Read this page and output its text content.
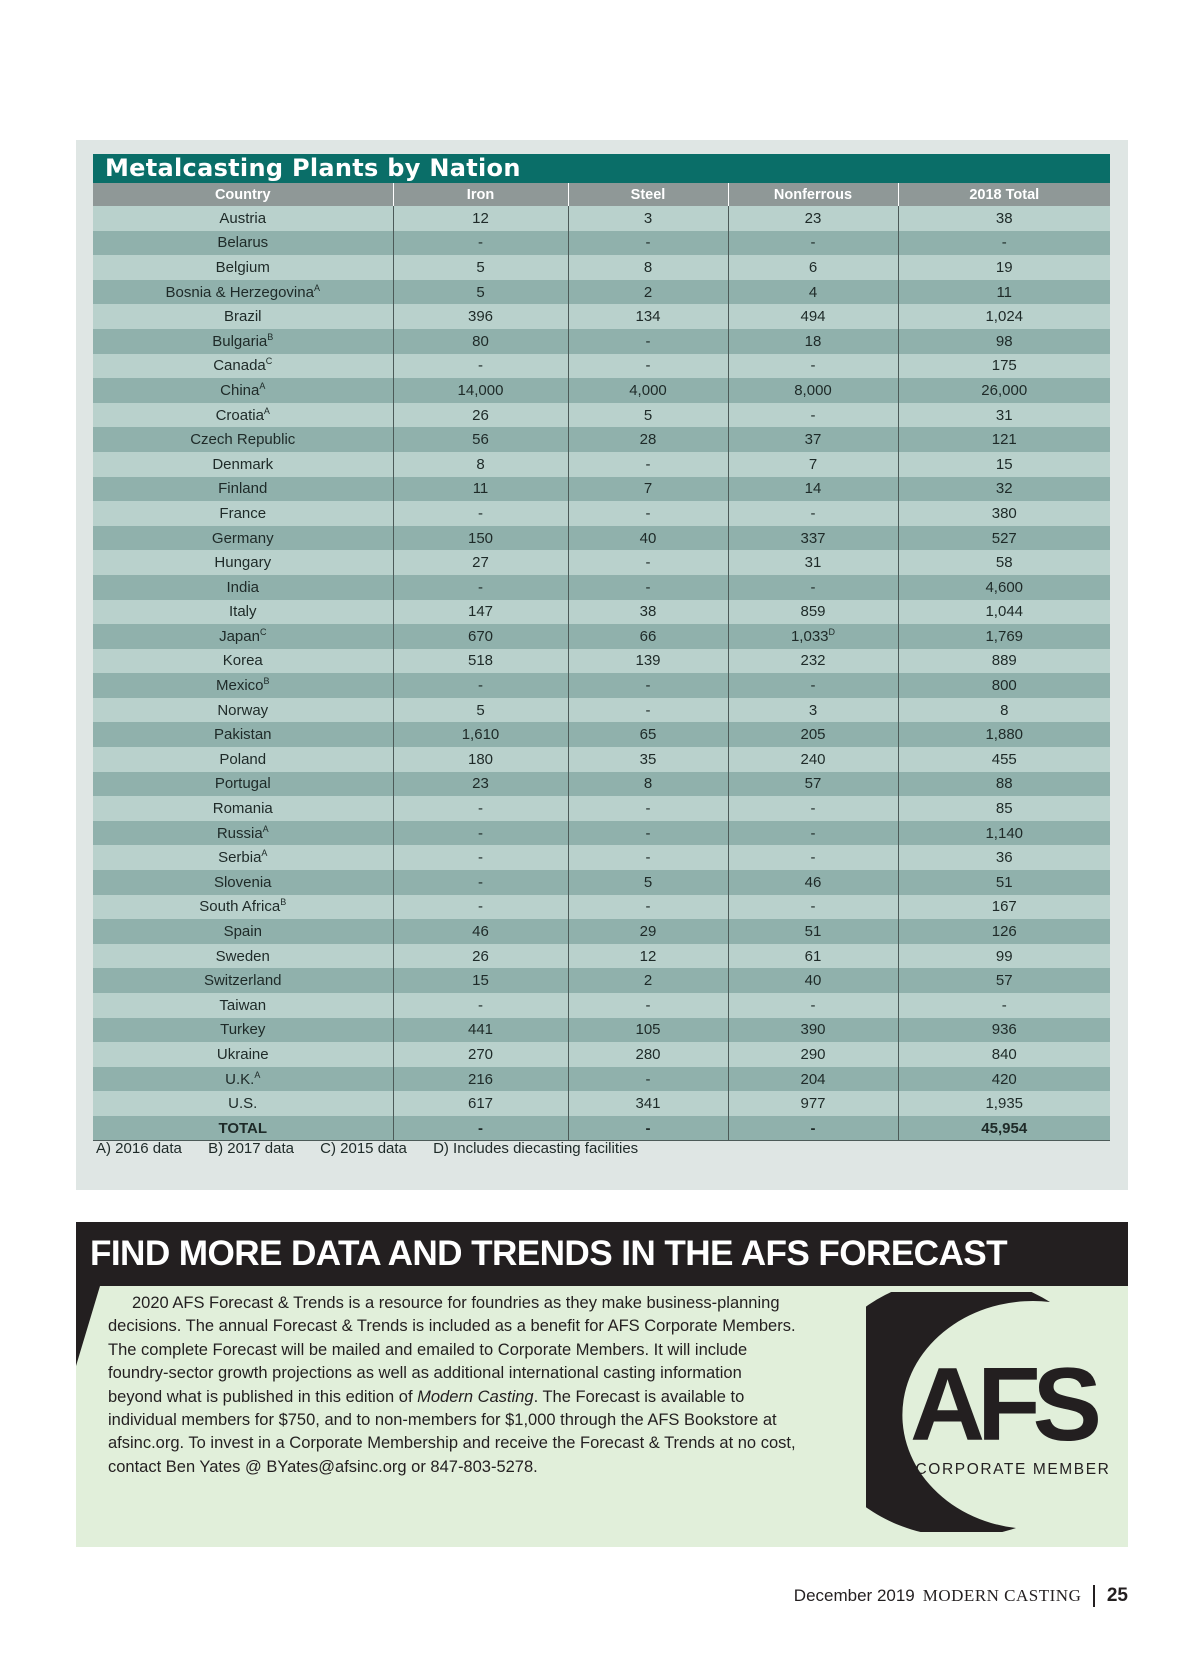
Metalcasting Plants by Nation
Country	Iron	Steel	Nonferrous	2018 Total
Austria	12	3	23	38
Belarus	-	-	-	-
Belgium	5	8	6	19
Bosnia & Herzegovina$^A$	5	2	4	11
Brazil	396	134	494	1,024
Bulgaria$^B$	80	-	18	98
Canada$^C$	-	-	-	175
China$^A$	14,000	4,000	8,000	26,000
Croatia$^A$	26	5	-	31
Czech Republic	56	28	37	121
Denmark	8	-	7	15
Finland	11	7	14	32
France	-	-	-	380
Germany	150	40	337	527
Hungary	27	-	31	58
India	-	-	-	4,600
Italy	147	38	859	1,044
Japan$^C$	670	66	$1,033^D$	1,769
Korea	518	139	232	889
Mexico$^B$	-	-	-	800
Norway	5	-	3	8
Pakistan	1,610	65	205	1,880
Poland	180	35	240	455
Portugal	23	8	57	88
Romania	-	-	-	85
Russia$^A$	-	-	-	1,140
Serbia$^A$	-	-	-	36
Slovenia	-	5	46	51
South Africa$^B$	-	-	-	167
Spain	46	29	51	126
Sweden	26	12	61	99
Switzerland	15	2	40	57
Taiwan	-	-	-	-
Turkey	441	105	390	936
Ukraine	270	280	290	840
U.K.$^A$	216	-	204	420
U.S.	617	341	977	1,935
TOTAL	-	-	-	45,954
A) 2016 data B) 2017 data C) 2015 data D) Includes diecasting facilities
FIND MORE DATA AND TRENDS IN THE AFS FORECAST

2020 AFS Forecast & Trends is a resource for foundries as they make business-planning decisions. The annual Forecast & Trends is included as a benefit for AFS Corporate Members. The complete Forecast will be mailed and emailed to Corporate Members. It will include foundry-sector growth projections as well as additional international casting information beyond what is published in this edition of Modern Casting. The Forecast is available to individual members for $750, and to non-members for $1,000 through the AFS Bookstore at afsinc.org. To invest in a Corporate Membership and receive the Forecast & Trends at no cost, contact Ben Yates @ BYates@afsinc.org or 847-803-5278.

AFS
CORPORATE MEMBER
December 2019 MODERN CASTING 25
